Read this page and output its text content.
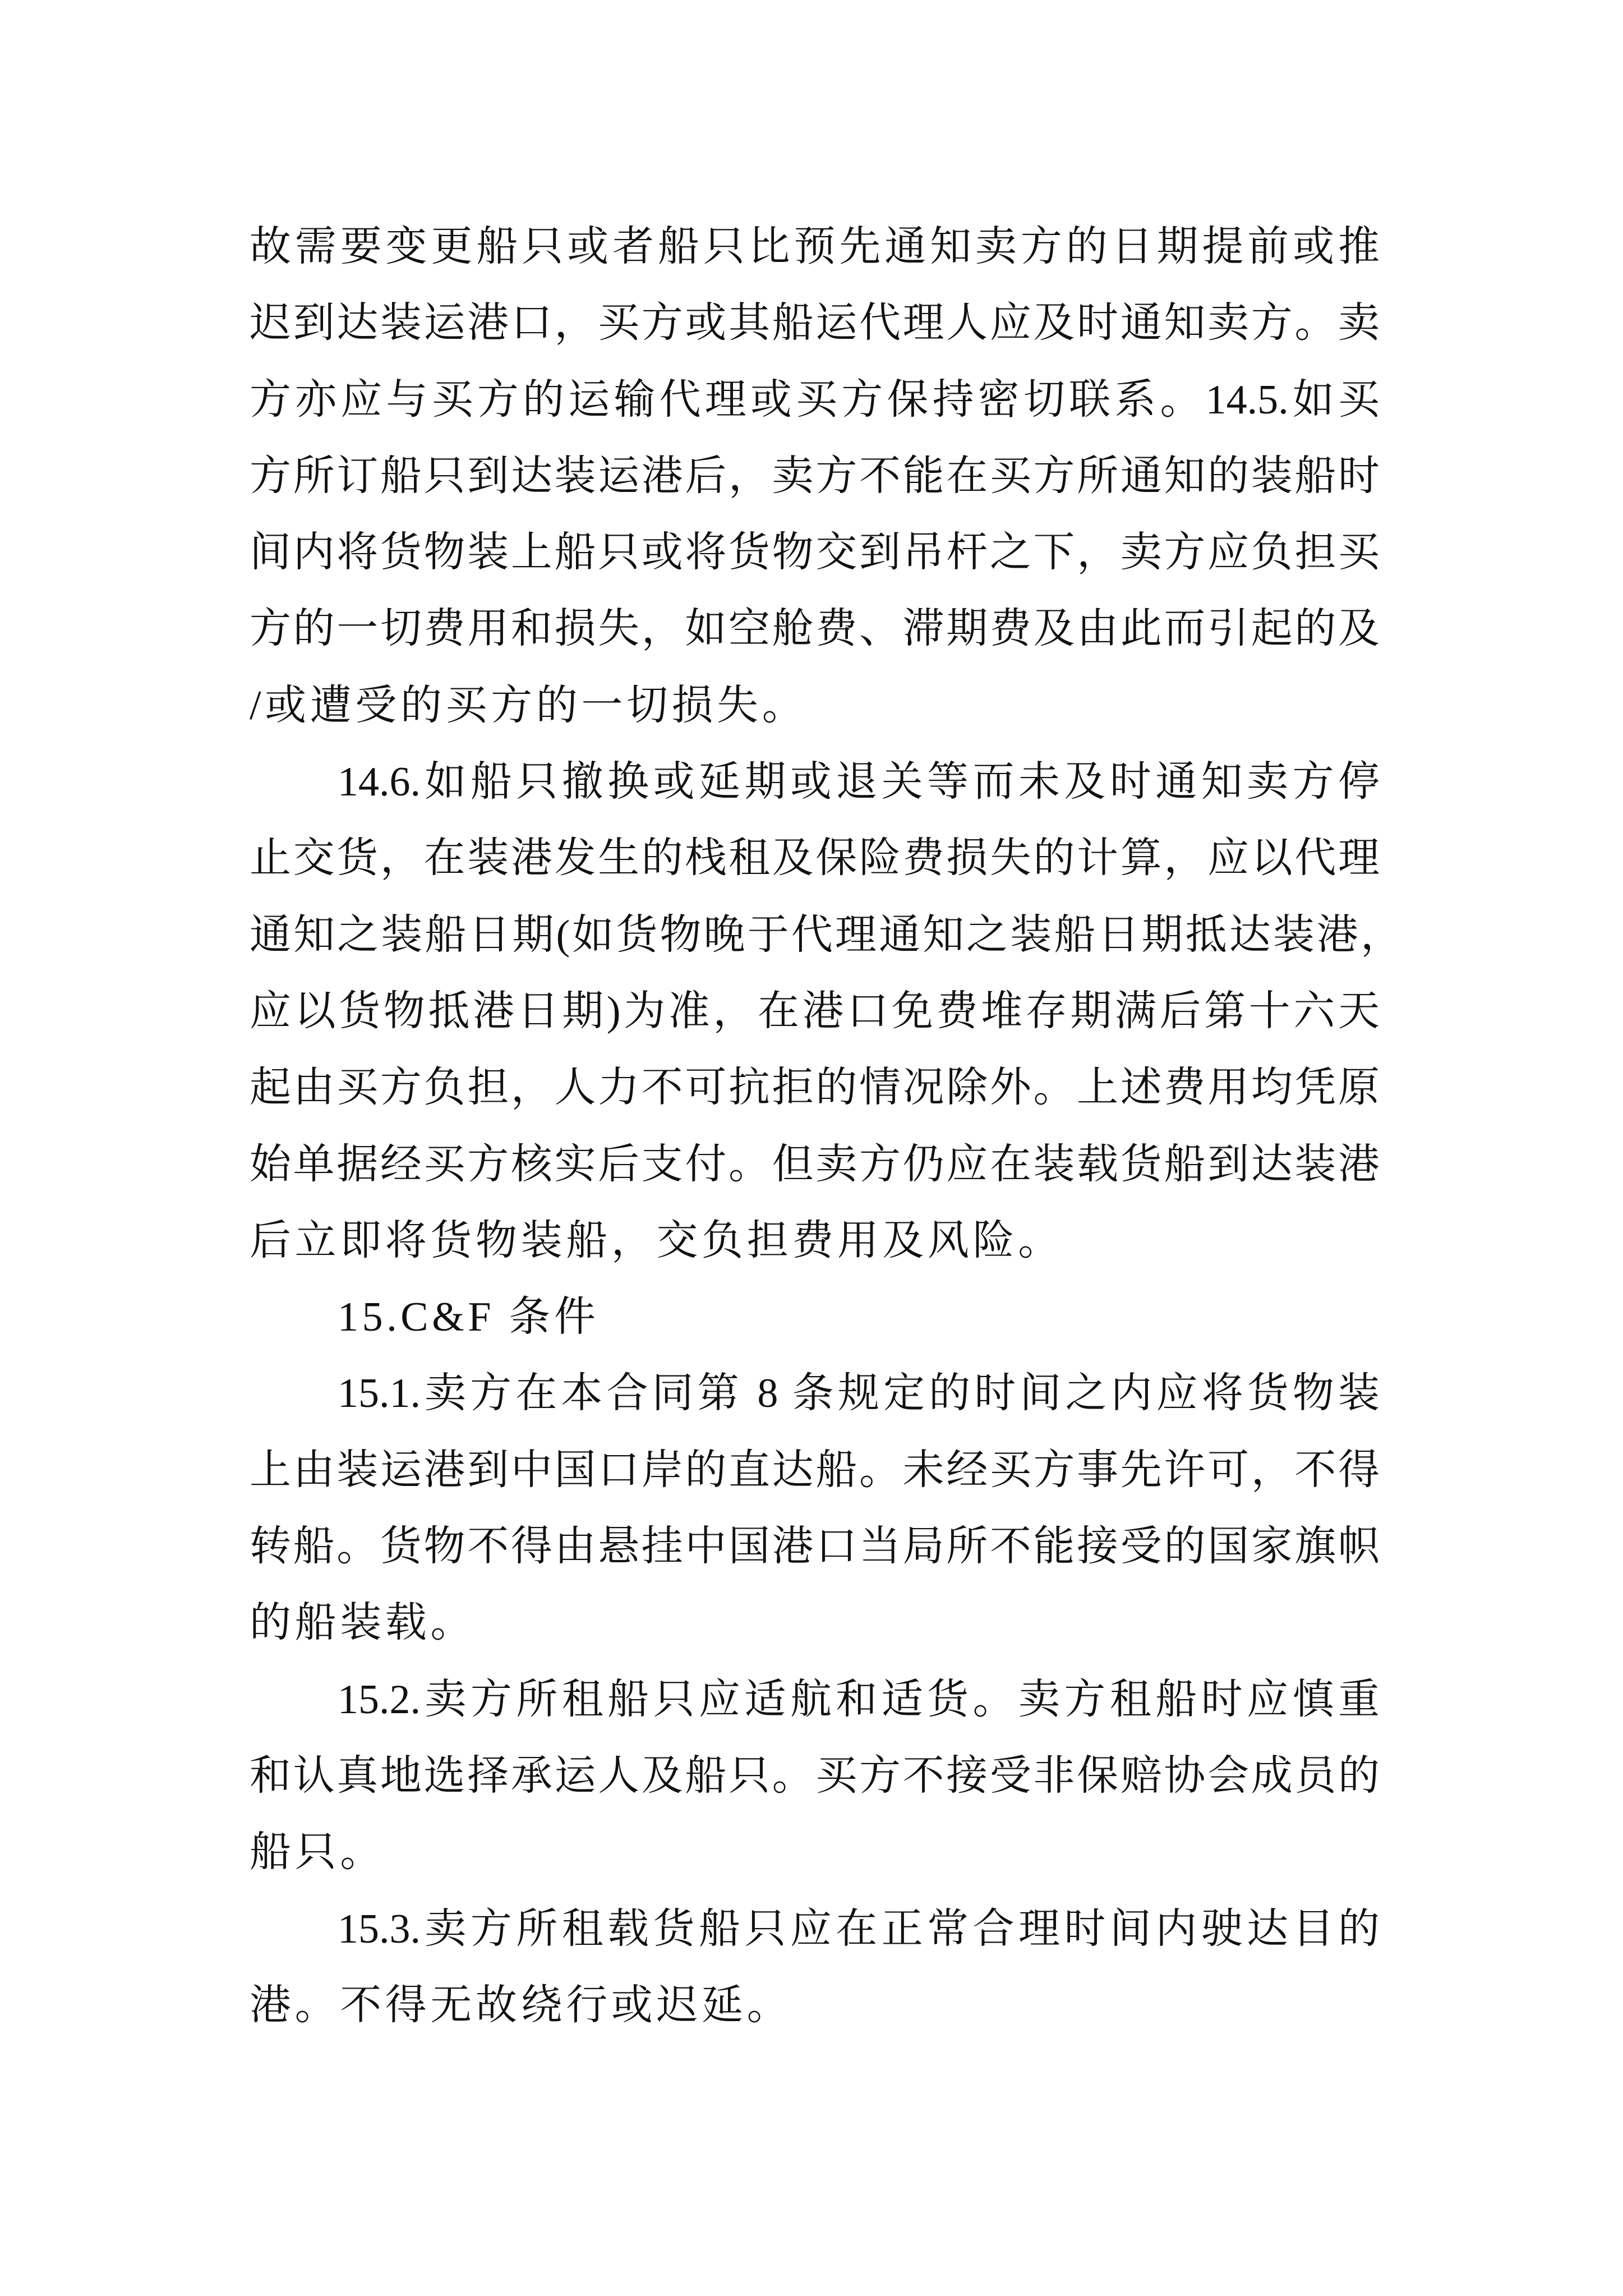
故需要变更船只或者船只比预先通知卖方的日期提前或推
迟到达装运港口，买方或其船运代理人应及时通知卖方。卖
方亦应与买方的运输代理或买方保持密切联系。14.5.如买
方所订船只到达装运港后，卖方不能在买方所通知的装船时
间内将货物装上船只或将货物交到吊杆之下，卖方应负担买
方的一切费用和损失，如空舱费、滞期费及由此而引起的及
/或遭受的买方的一切损失。
14.6.如船只撤换或延期或退关等而未及时通知卖方停
止交货，在装港发生的栈租及保险费损失的计算，应以代理
通知之装船日期(如货物晚于代理通知之装船日期抵达装港，
应以货物抵港日期)为准，在港口免费堆存期满后第十六天
起由买方负担，人力不可抗拒的情况除外。上述费用均凭原
始单据经买方核实后支付。但卖方仍应在装载货船到达装港
后立即将货物装船，交负担费用及风险。
15.C&F 条件
15.1.卖方在本合同第 8 条规定的时间之内应将货物装
上由装运港到中国口岸的直达船。未经买方事先许可，不得
转船。货物不得由悬挂中国港口当局所不能接受的国家旗帜
的船装载。
15.2.卖方所租船只应适航和适货。卖方租船时应慎重
和认真地选择承运人及船只。买方不接受非保赔协会成员的
船只。
15.3.卖方所租载货船只应在正常合理时间内驶达目的
港。不得无故绕行或迟延。
